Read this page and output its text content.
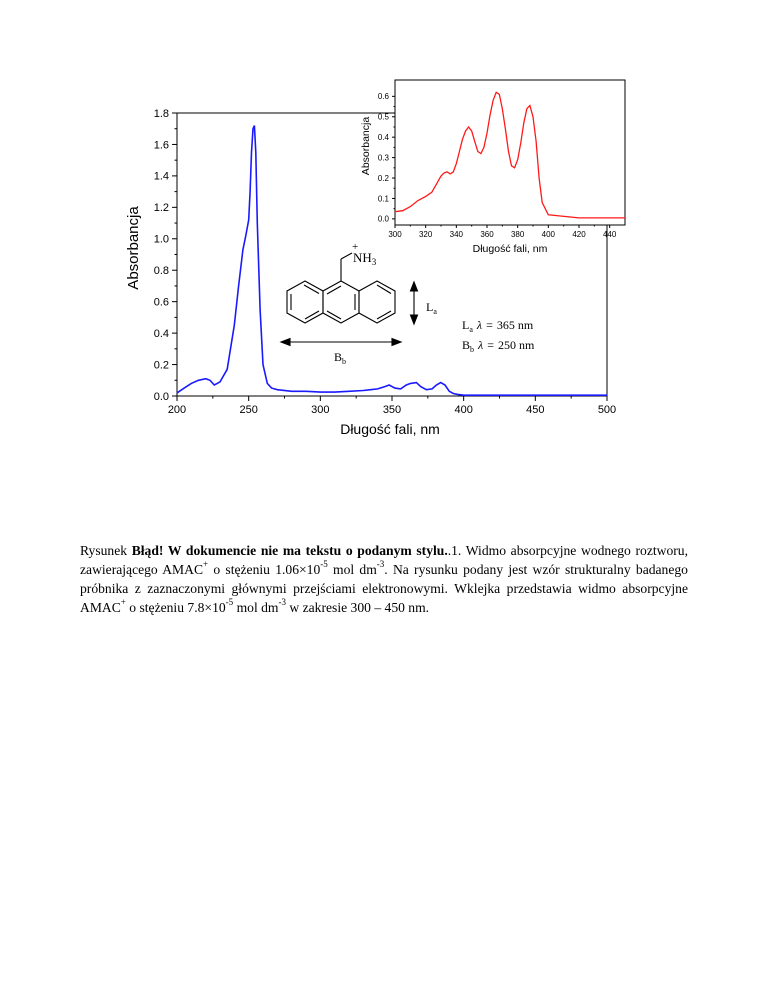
0.0
0.2
0.4
0.6
0.8
1.0
1.2
1.4
1.6
1.8
200	250	300	350	400	450	500
Absorbancja
Długość fali, nm
0.0
0.1
0.2
0.3
0.4
0.5
0.6
300 320 340 360 380 400 420 440
Absorbancja
Długość fali, nm
$NH_3$
+
$L_a$
$B_b$
$L_a$ λ = 365 nm
$B_b$ λ = 250 nm
Rysunek Błąd! W dokumencie nie ma tekstu o podanym stylu..1. Widmo absorpcyjne wodnego roztworu, zawierającego AMAC+ o stężeniu $1.06\times 10^{-5}$ mol $dm^{-3}$. Na rysunku podany jest wzór strukturalny badanego próbnika z zaznaczonymi głównymi przejściami elektronowymi. Wklejka przedstawia widmo absorpcyjne AMAC+ o stężeniu $7.8\times 10^{-5}$ mol $dm^{-3}$ w zakresie 300 – 450 nm.
